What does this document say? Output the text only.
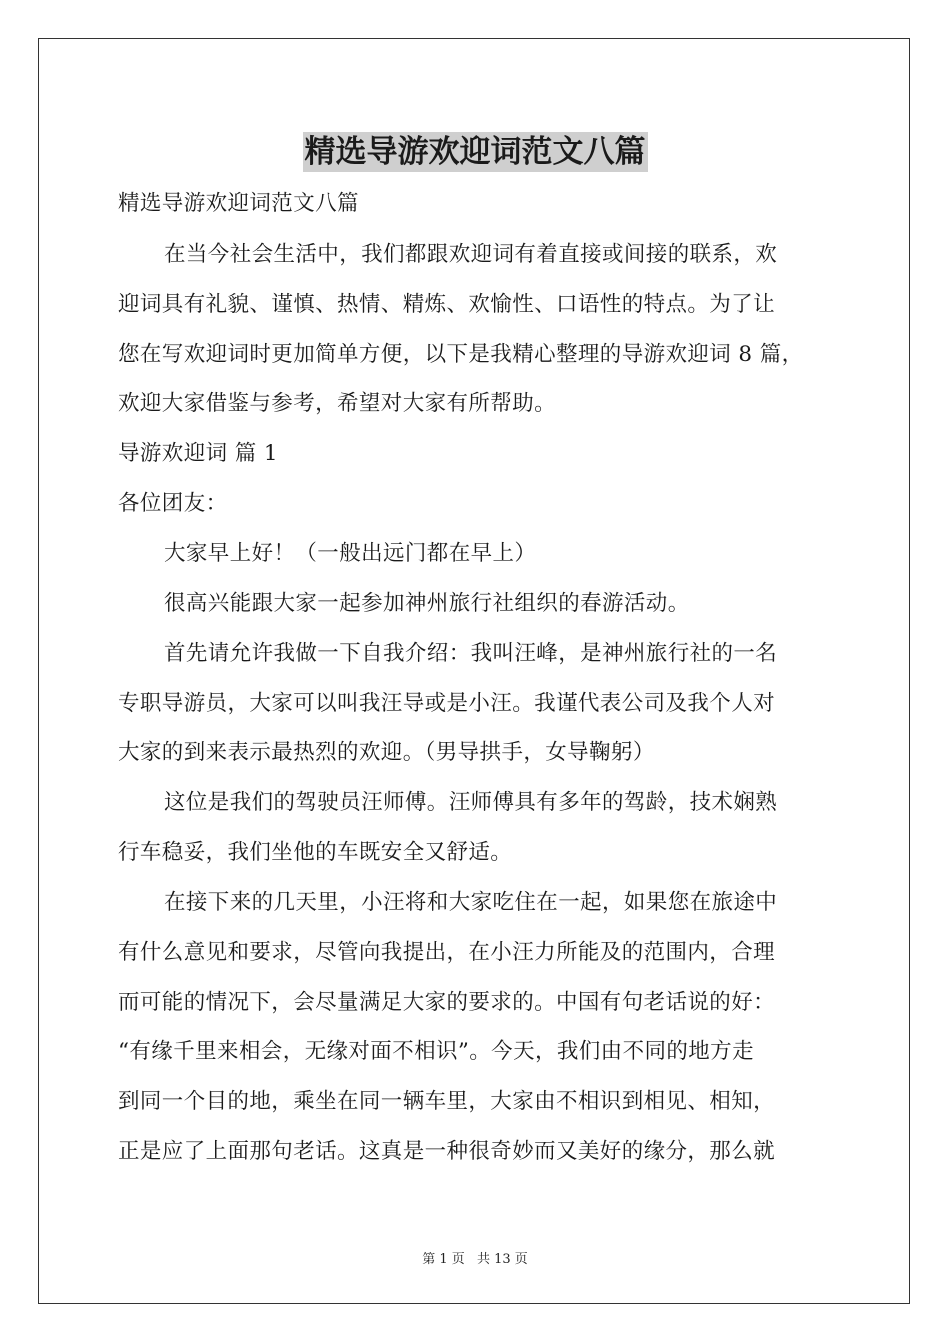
精选导游欢迎词范文八篇
精选导游欢迎词范文八篇
在当今社会生活中，我们都跟欢迎词有着直接或间接的联系，欢
迎词具有礼貌、谨慎、热情、精炼、欢愉性、口语性的特点。为了让
您在写欢迎词时更加简单方便，以下是我精心整理的导游欢迎词 8 篇，
欢迎大家借鉴与参考，希望对大家有所帮助。
导游欢迎词 篇 1
各位团友：
大家早上好！（一般出远门都在早上）
很高兴能跟大家一起参加神州旅行社组织的春游活动。
首先请允许我做一下自我介绍：我叫汪峰，是神州旅行社的一名
专职导游员，大家可以叫我汪导或是小汪。我谨代表公司及我个人对
大家的到来表示最热烈的欢迎。（男导拱手，女导鞠躬）
这位是我们的驾驶员汪师傅。汪师傅具有多年的驾龄，技术娴熟
行车稳妥，我们坐他的车既安全又舒适。
在接下来的几天里，小汪将和大家吃住在一起，如果您在旅途中
有什么意见和要求，尽管向我提出，在小汪力所能及的范围内，合理
而可能的情况下，会尽量满足大家的要求的。中国有句老话说的好：
“有缘千里来相会，无缘对面不相识”。今天，我们由不同的地方走
到同一个目的地，乘坐在同一辆车里，大家由不相识到相见、相知，
正是应了上面那句老话。这真是一种很奇妙而又美好的缘分，那么就
第 1 页 共 13 页
